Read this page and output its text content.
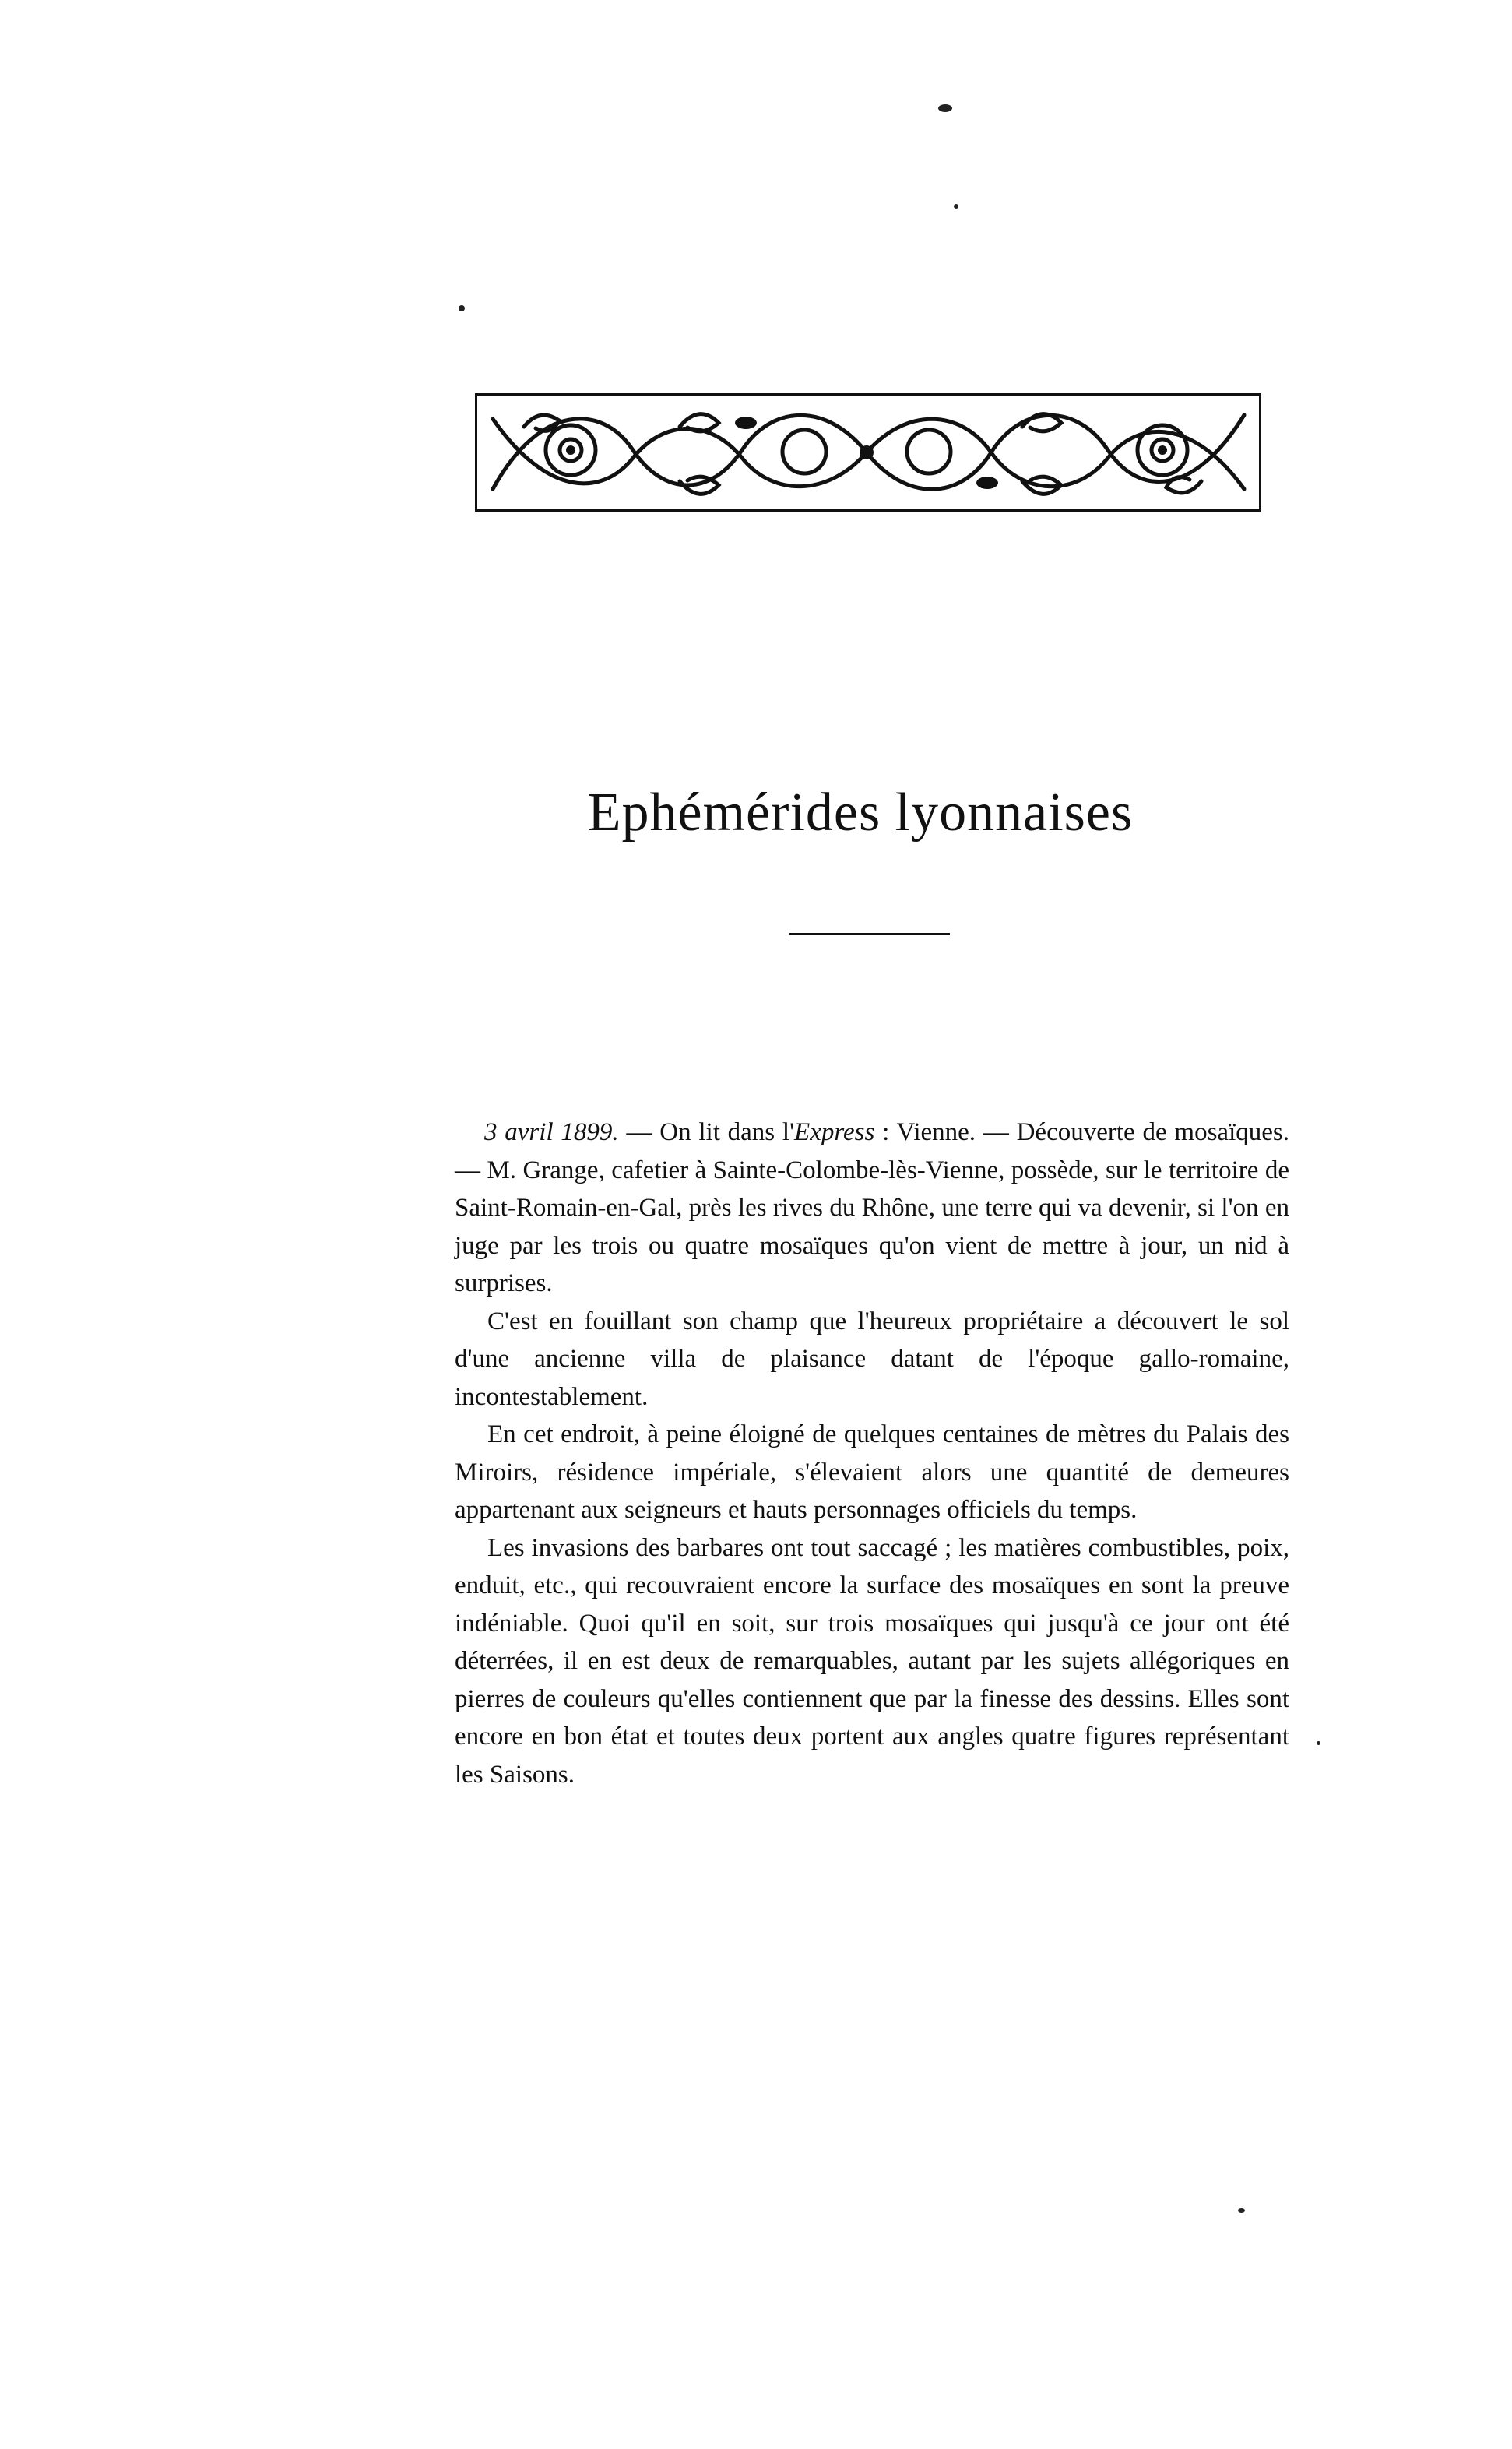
Ephémérides lyonnaises

3 avril 1899. — On lit dans l'Express : Vienne. — Découverte de mosaïques. — M. Grange, cafetier à Sainte-Colombe-lès-Vienne, possède, sur le territoire de Saint-Romain-en-Gal, près les rives du Rhône, une terre qui va devenir, si l'on en juge par les trois ou quatre mosaïques qu'on vient de mettre à jour, un nid à surprises.

C'est en fouillant son champ que l'heureux propriétaire a découvert le sol d'une ancienne villa de plaisance datant de l'époque gallo-romaine, incontestablement.

En cet endroit, à peine éloigné de quelques centaines de mètres du Palais des Miroirs, résidence impériale, s'élevaient alors une quantité de demeures appartenant aux seigneurs et hauts personnages officiels du temps.

Les invasions des barbares ont tout saccagé ; les matières combustibles, poix, enduit, etc., qui recouvraient encore la surface des mosaïques en sont la preuve indéniable. Quoi qu'il en soit, sur trois mosaïques qui jusqu'à ce jour ont été déterrées, il en est deux de remarquables, autant par les sujets allégoriques en pierres de couleurs qu'elles contiennent que par la finesse des dessins. Elles sont encore en bon état et toutes deux portent aux angles quatre figures représentant les Saisons.
